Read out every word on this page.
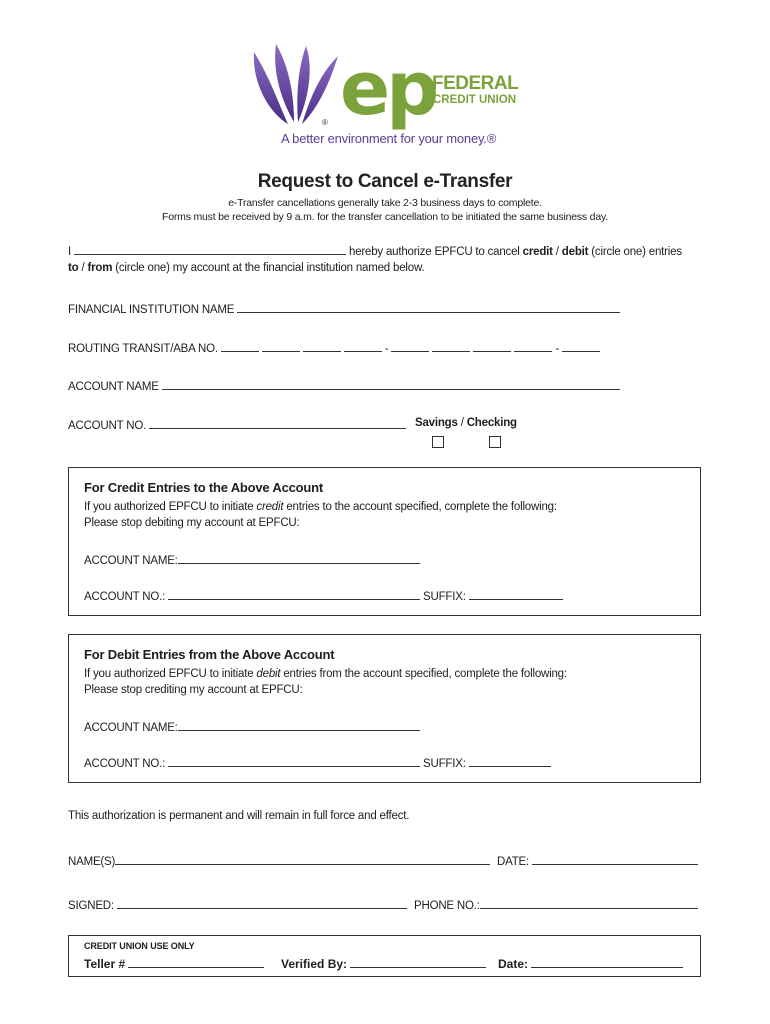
ep
FEDERAL
CREDIT UNION
®
A better environment for your money.®
Request to Cancel e-Transfer
e-Transfer cancellations generally take 2-3 business days to complete.
Forms must be received by 9 a.m. for the transfer cancellation to be initiated the same business day.
I	hereby authorize EPFCU to cancel credit / debit (circle one) entries
to / from (circle one) my account at the financial institution named below.
FINANCIAL INSTITUTION NAME
ROUTING TRANSIT/ABA NO.	-	-
ACCOUNT NAME
ACCOUNT NO.	Savings / Checking
For Credit Entries to the Above Account
If you authorized EPFCU to initiate credit entries to the account specified, complete the following:
Please stop debiting my account at EPFCU:
ACCOUNT NAME:
ACCOUNT NO.:	SUFFIX:
For Debit Entries from the Above Account
If you authorized EPFCU to initiate debit entries from the account specified, complete the following:
Please stop crediting my account at EPFCU:
ACCOUNT NAME:
ACCOUNT NO.:	SUFFIX:
This authorization is permanent and will remain in full force and effect.
NAME(S)	DATE:
SIGNED:	PHONE NO.:
CREDIT UNION USE ONLY
Teller #	Verified By:	Date:
